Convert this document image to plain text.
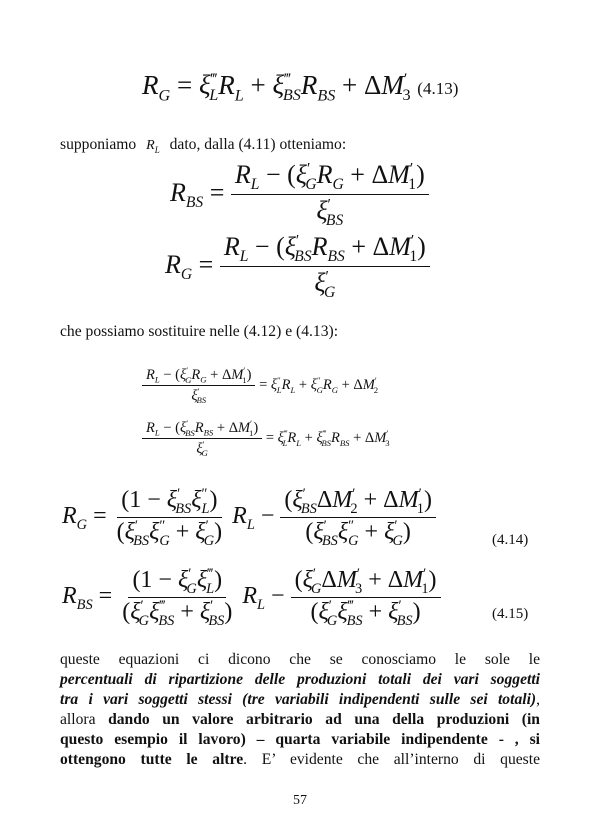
$R_G = \xi^‴_LR_L + \xi^‴_{BS}R_{BS} + \Delta M'_3$ (4.13)
supponiamo $R_L$ dato, dalla (4.11) otteniamo:
$R_{BS} = \frac{R_L - (\xi'_GR_G + \Delta M'_1)}{\xi'_{BS}}$
$R_G = \frac{R_L - (\xi'_{BS}R_{BS} + \Delta M'_1)}{\xi'_G}$
che possiamo sostituire nelle (4.12) e (4.13):
$\frac{R_L - (\xi'_GR_G + \Delta M'_1)}{\xi'_{BS}} = \xi''_LR_L + \xi''_GR_G + \Delta M'_2$
$\frac{R_L - (\xi'_{BS}R_{BS} + \Delta M'_1)}{\xi'_G} = \xi^‴_LR_L + \xi^‴_{BS}R_{BS} + \Delta M'_3$
$R_G = \frac{(1 - \xi'_{BS}\xi''_L)}{(\xi'_{BS}\xi''_G + \xi'_G)} R_L - \frac{(\xi'_{BS}\Delta M'_2 + \Delta M'_1)}{(\xi'_{BS}\xi''_G + \xi'_G)}$	(4.14)
$R_{BS} = \frac{(1 - \xi'_G\xi^‴_L)}{(\xi'_G\xi^‴_{BS} + \xi'_{BS})} R_L - \frac{(\xi'_G\Delta M'_3 + \Delta M'_1)}{(\xi'_G\xi^‴_{BS} + \xi'_{BS})}$	(4.15)
queste equazioni ci dicono che se conosciamo le sole le
percentuali di ripartizione delle produzioni totali dei vari soggetti
tra i vari soggetti stessi (tre variabili indipendenti sulle sei totali),
allora dando un valore arbitrario ad una della produzioni (in
questo esempio il lavoro) – quarta variabile indipendente - , si
ottengono tutte le altre. E’ evidente che all’interno di queste
57
